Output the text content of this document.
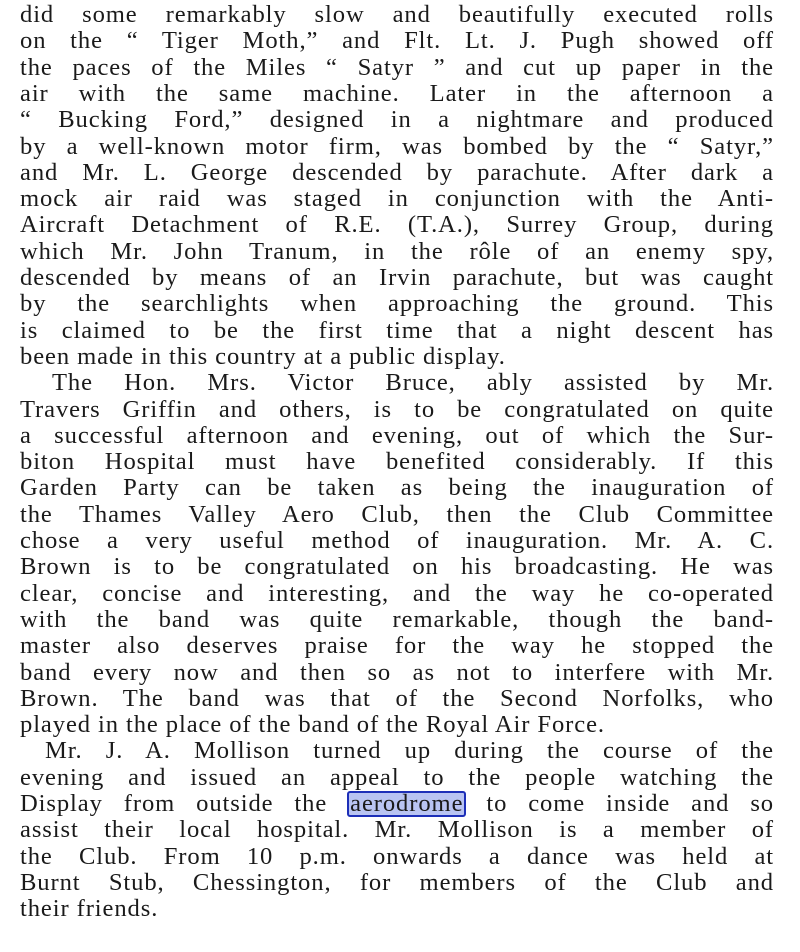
did some remarkably slow and beautifully executed rolls
on the “ Tiger Moth,” and Flt. Lt. J. Pugh showed off
the paces of the Miles “ Satyr ” and cut up paper in the
air with the same machine. Later in the afternoon a
“ Bucking Ford,” designed in a nightmare and produced
by a well-known motor firm, was bombed by the “ Satyr,”
and Mr. L. George descended by parachute. After dark a
mock air raid was staged in conjunction with the Anti-
Aircraft Detachment of R.E. (T.A.), Surrey Group, during
which Mr. John Tranum, in the rôle of an enemy spy,
descended by means of an Irvin parachute, but was caught
by the searchlights when approaching the ground. This
is claimed to be the first time that a night descent has
been made in this country at a public display.
The Hon. Mrs. Victor Bruce, ably assisted by Mr.
Travers Griffin and others, is to be congratulated on quite
a successful afternoon and evening, out of which the Sur-
biton Hospital must have benefited considerably. If this
Garden Party can be taken as being the inauguration of
the Thames Valley Aero Club, then the Club Committee
chose a very useful method of inauguration. Mr. A. C.
Brown is to be congratulated on his broadcasting. He was
clear, concise and interesting, and the way he co-operated
with the band was quite remarkable, though the band-
master also deserves praise for the way he stopped the
band every now and then so as not to interfere with Mr.
Brown. The band was that of the Second Norfolks, who
played in the place of the band of the Royal Air Force.
Mr. J. A. Mollison turned up during the course of the
evening and issued an appeal to the people watching the
Display from outside the aerodrome to come inside and so
assist their local hospital. Mr. Mollison is a member of
the Club. From 10 p.m. onwards a dance was held at
Burnt Stub, Chessington, for members of the Club and
their friends.
